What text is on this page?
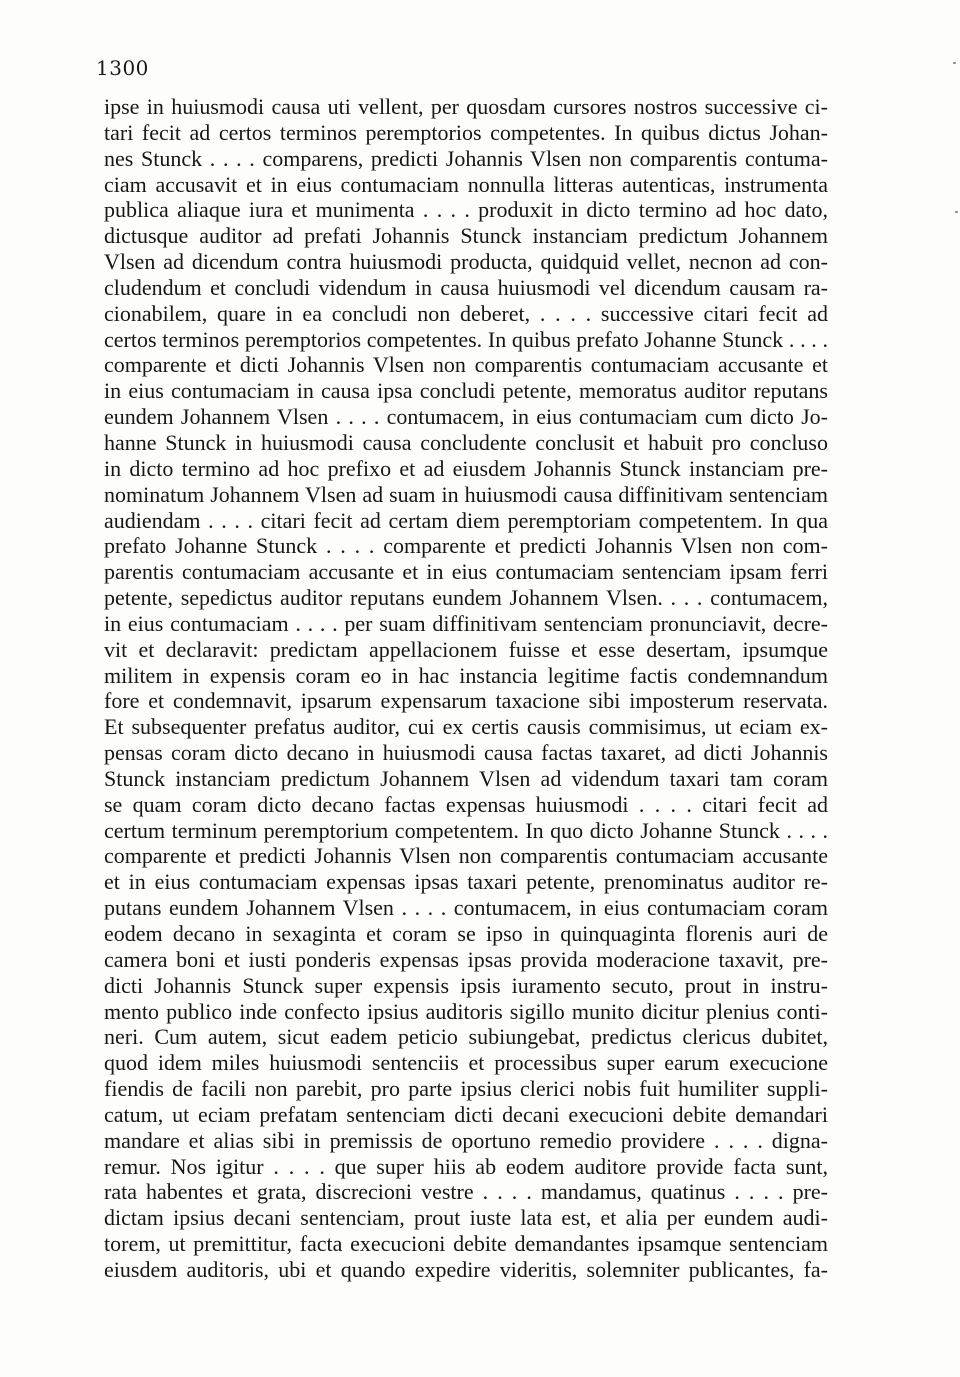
1300
ipse in huiusmodi causa uti vellent, per quosdam cursores nostros successive ci-
tari fecit ad certos terminos peremptorios competentes. In quibus dictus Johan-
nes Stunck . . . . comparens, predicti Johannis Vlsen non comparentis contuma-
ciam accusavit et in eius contumaciam nonnulla litteras autenticas, instrumenta
publica aliaque iura et munimenta . . . . produxit in dicto termino ad hoc dato,
dictusque auditor ad prefati Johannis Stunck instanciam predictum Johannem
Vlsen ad dicendum contra huiusmodi producta, quidquid vellet, necnon ad con-
cludendum et concludi videndum in causa huiusmodi vel dicendum causam ra-
cionabilem, quare in ea concludi non deberet, . . . . successive citari fecit ad
certos terminos peremptorios competentes. In quibus prefato Johanne Stunck . . . .
comparente et dicti Johannis Vlsen non comparentis contumaciam accusante et
in eius contumaciam in causa ipsa concludi petente, memoratus auditor reputans
eundem Johannem Vlsen . . . . contumacem, in eius contumaciam cum dicto Jo-
hanne Stunck in huiusmodi causa concludente conclusit et habuit pro concluso
in dicto termino ad hoc prefixo et ad eiusdem Johannis Stunck instanciam pre-
nominatum Johannem Vlsen ad suam in huiusmodi causa diffinitivam sentenciam
audiendam . . . . citari fecit ad certam diem peremptoriam competentem. In qua
prefato Johanne Stunck . . . . comparente et predicti Johannis Vlsen non com-
parentis contumaciam accusante et in eius contumaciam sentenciam ipsam ferri
petente, sepedictus auditor reputans eundem Johannem Vlsen. . . . contumacem,
in eius contumaciam . . . . per suam diffinitivam sentenciam pronunciavit, decre-
vit et declaravit: predictam appellacionem fuisse et esse desertam, ipsumque
militem in expensis coram eo in hac instancia legitime factis condemnandum
fore et condemnavit, ipsarum expensarum taxacione sibi imposterum reservata.
Et subsequenter prefatus auditor, cui ex certis causis commisimus, ut eciam ex-
pensas coram dicto decano in huiusmodi causa factas taxaret, ad dicti Johannis
Stunck instanciam predictum Johannem Vlsen ad videndum taxari tam coram
se quam coram dicto decano factas expensas huiusmodi . . . . citari fecit ad
certum terminum peremptorium competentem. In quo dicto Johanne Stunck . . . .
comparente et predicti Johannis Vlsen non comparentis contumaciam accusante
et in eius contumaciam expensas ipsas taxari petente, prenominatus auditor re-
putans eundem Johannem Vlsen . . . . contumacem, in eius contumaciam coram
eodem decano in sexaginta et coram se ipso in quinquaginta florenis auri de
camera boni et iusti ponderis expensas ipsas provida moderacione taxavit, pre-
dicti Johannis Stunck super expensis ipsis iuramento secuto, prout in instru-
mento publico inde confecto ipsius auditoris sigillo munito dicitur plenius conti-
neri. Cum autem, sicut eadem peticio subiungebat, predictus clericus dubitet,
quod idem miles huiusmodi sentenciis et processibus super earum execucione
fiendis de facili non parebit, pro parte ipsius clerici nobis fuit humiliter suppli-
catum, ut eciam prefatam sentenciam dicti decani execucioni debite demandari
mandare et alias sibi in premissis de oportuno remedio providere . . . . digna-
remur. Nos igitur . . . . que super hiis ab eodem auditore provide facta sunt,
rata habentes et grata, discrecioni vestre . . . . mandamus, quatinus . . . . pre-
dictam ipsius decani sentenciam, prout iuste lata est, et alia per eundem audi-
torem, ut premittitur, facta execucioni debite demandantes ipsamque sentenciam
eiusdem auditoris, ubi et quando expedire videritis, solemniter publicantes, fa-
